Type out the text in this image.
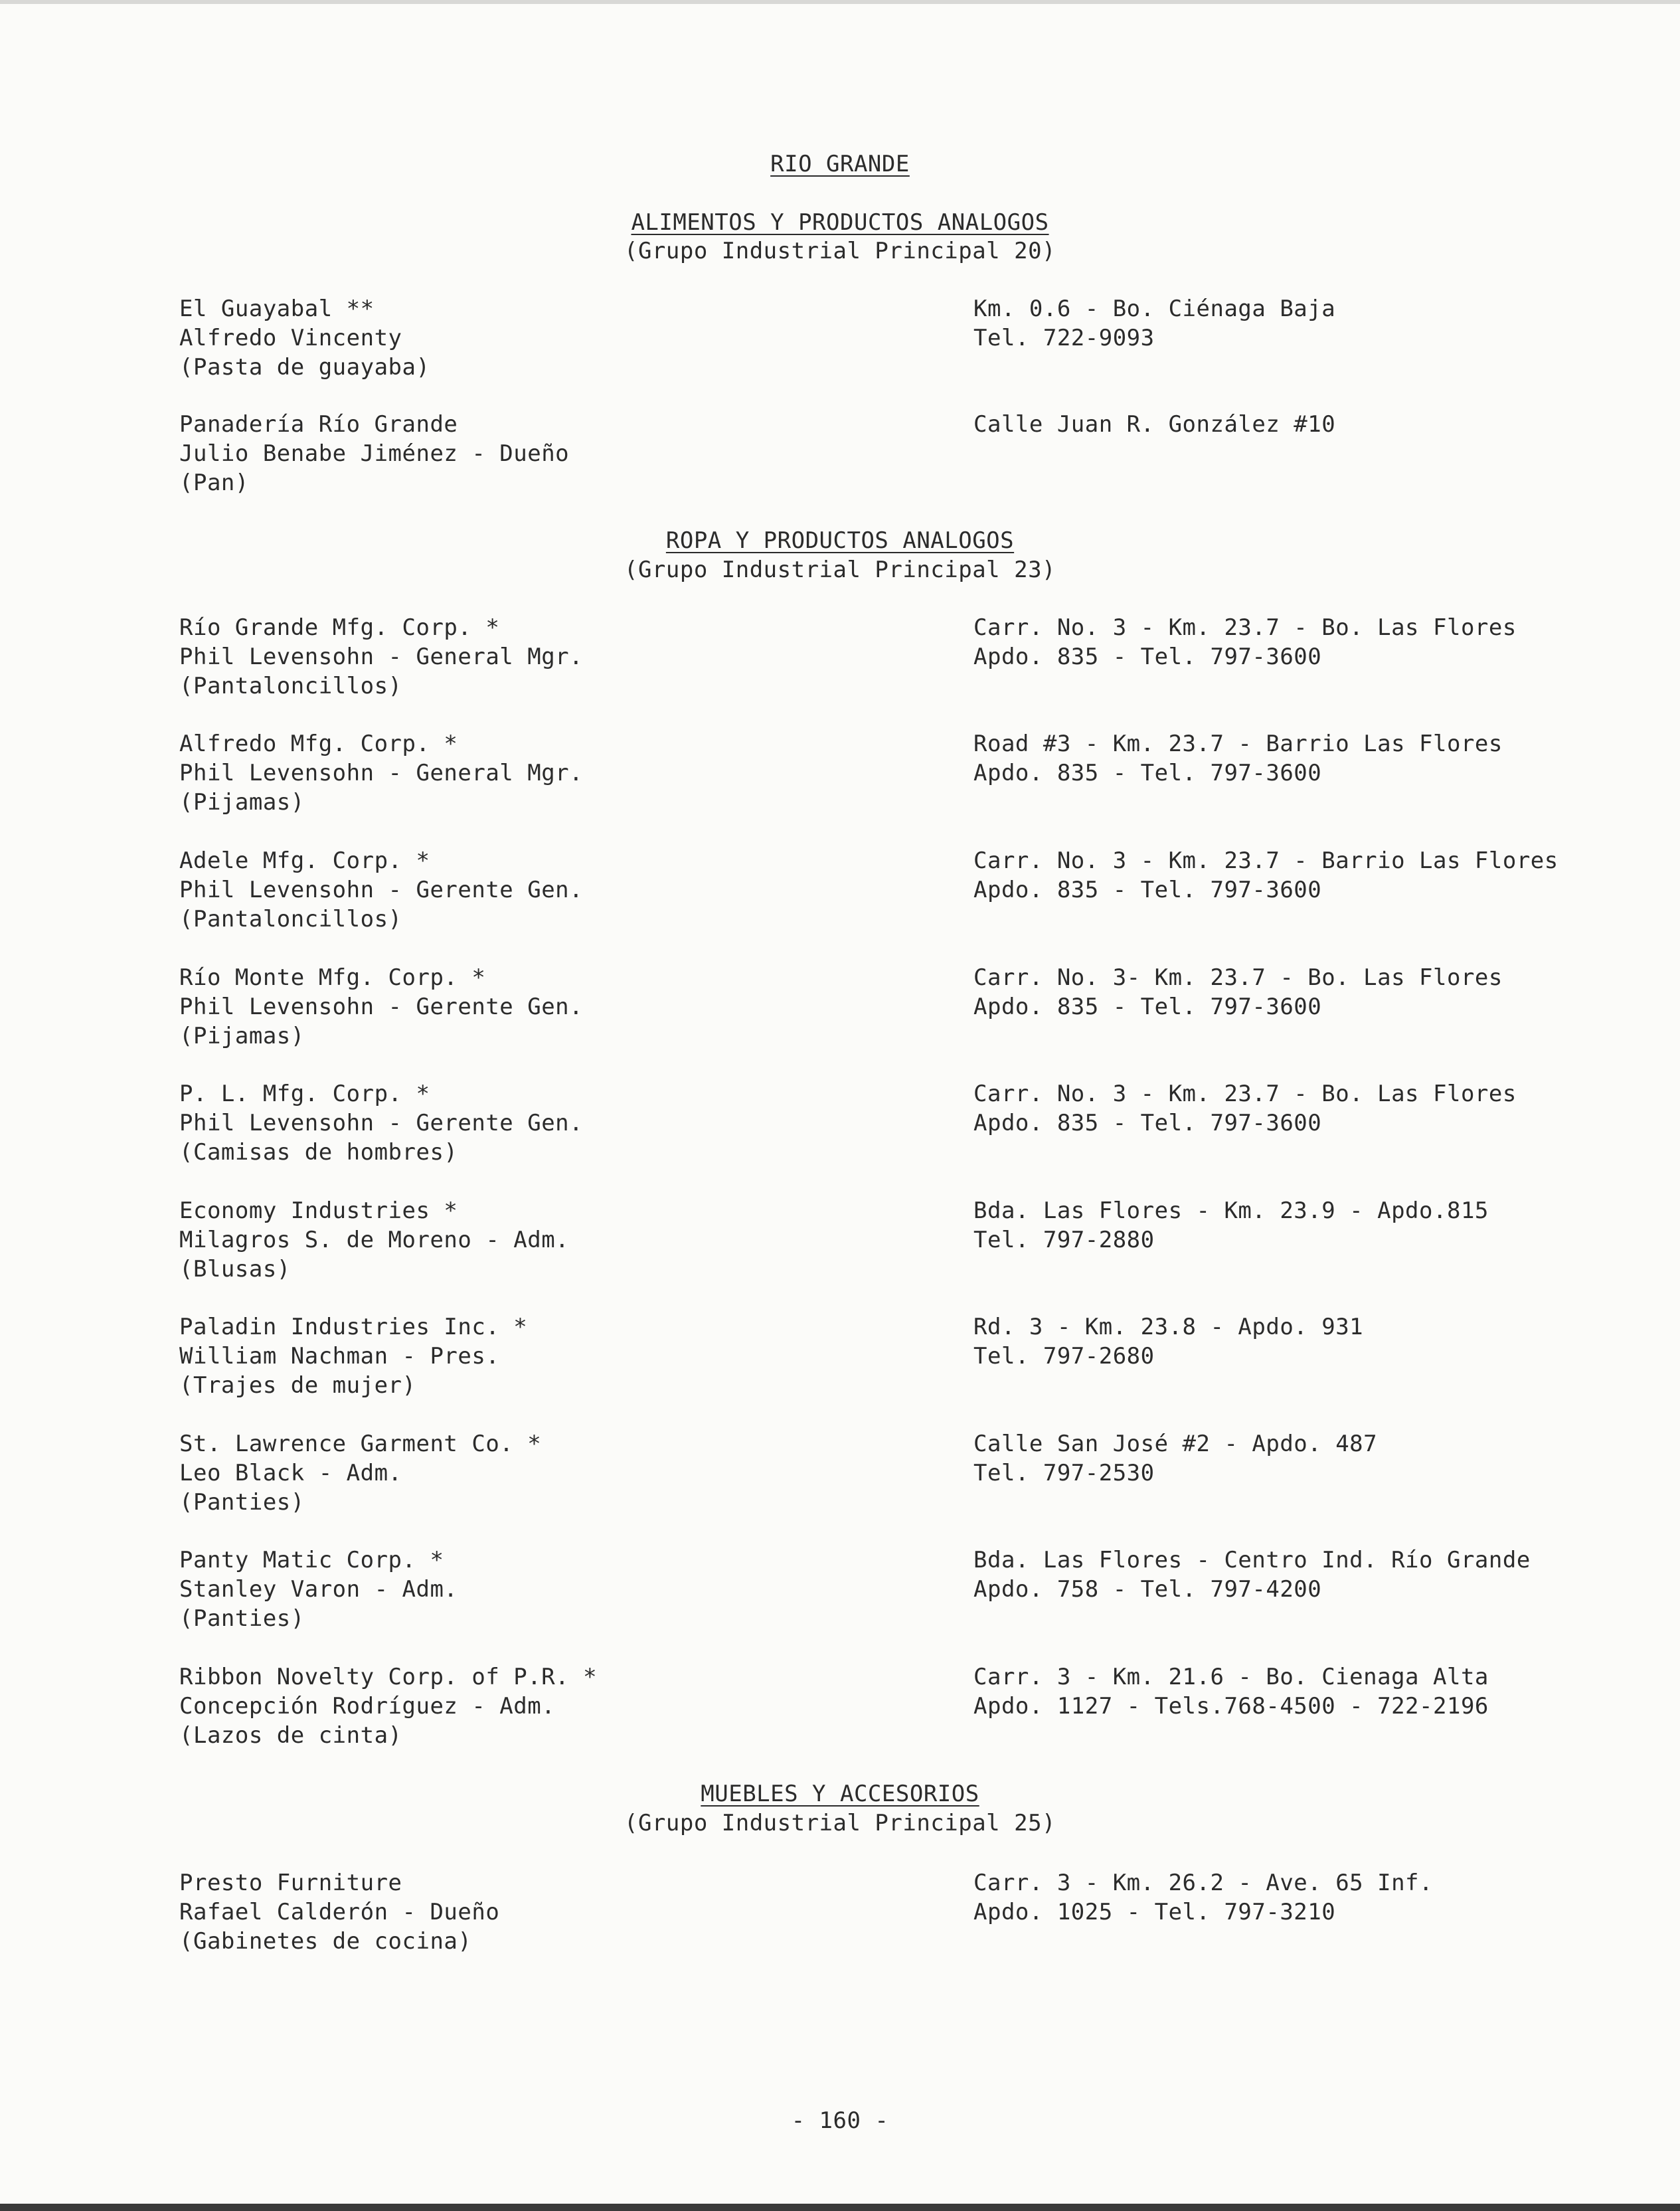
RIO GRANDE
ALIMENTOS Y PRODUCTOS ANALOGOS
(Grupo Industrial Principal 20)
El Guayabal **
Alfredo Vincenty
(Pasta de guayaba)
Km. 0.6 - Bo. Ciénaga Baja
Tel. 722-9093
Panadería Río Grande
Julio Benabe Jiménez - Dueño
(Pan)
Calle Juan R. González #10
ROPA Y PRODUCTOS ANALOGOS
(Grupo Industrial Principal 23)
Río Grande Mfg. Corp. *
Phil Levensohn - General Mgr.
(Pantaloncillos)
Carr. No. 3 - Km. 23.7 - Bo. Las Flores
Apdo. 835 - Tel. 797-3600
Alfredo Mfg. Corp. *
Phil Levensohn - General Mgr.
(Pijamas)
Road #3 - Km. 23.7 - Barrio Las Flores
Apdo. 835 - Tel. 797-3600
Adele Mfg. Corp. *
Phil Levensohn - Gerente Gen.
(Pantaloncillos)
Carr. No. 3 - Km. 23.7 - Barrio Las Flores
Apdo. 835 - Tel. 797-3600
Río Monte Mfg. Corp. *
Phil Levensohn - Gerente Gen.
(Pijamas)
Carr. No. 3- Km. 23.7 - Bo. Las Flores
Apdo. 835 - Tel. 797-3600
P. L. Mfg. Corp. *
Phil Levensohn - Gerente Gen.
(Camisas de hombres)
Carr. No. 3 - Km. 23.7 - Bo. Las Flores
Apdo. 835 - Tel. 797-3600
Economy Industries *
Milagros S. de Moreno - Adm.
(Blusas)
Bda. Las Flores - Km. 23.9 - Apdo.815
Tel. 797-2880
Paladin Industries Inc. *
William Nachman - Pres.
(Trajes de mujer)
Rd. 3 - Km. 23.8 - Apdo. 931
Tel. 797-2680
St. Lawrence Garment Co. *
Leo Black - Adm.
(Panties)
Calle San José #2 - Apdo. 487
Tel. 797-2530
Panty Matic Corp. *
Stanley Varon - Adm.
(Panties)
Bda. Las Flores - Centro Ind. Río Grande
Apdo. 758 - Tel. 797-4200
Ribbon Novelty Corp. of P.R. *
Concepción Rodríguez - Adm.
(Lazos de cinta)
Carr. 3 - Km. 21.6 - Bo. Cienaga Alta
Apdo. 1127 - Tels.768-4500 - 722-2196
MUEBLES Y ACCESORIOS
(Grupo Industrial Principal 25)
Presto Furniture
Rafael Calderón - Dueño
(Gabinetes de cocina)
Carr. 3 - Km. 26.2 - Ave. 65 Inf.
Apdo. 1025 - Tel. 797-3210
- 160 -
